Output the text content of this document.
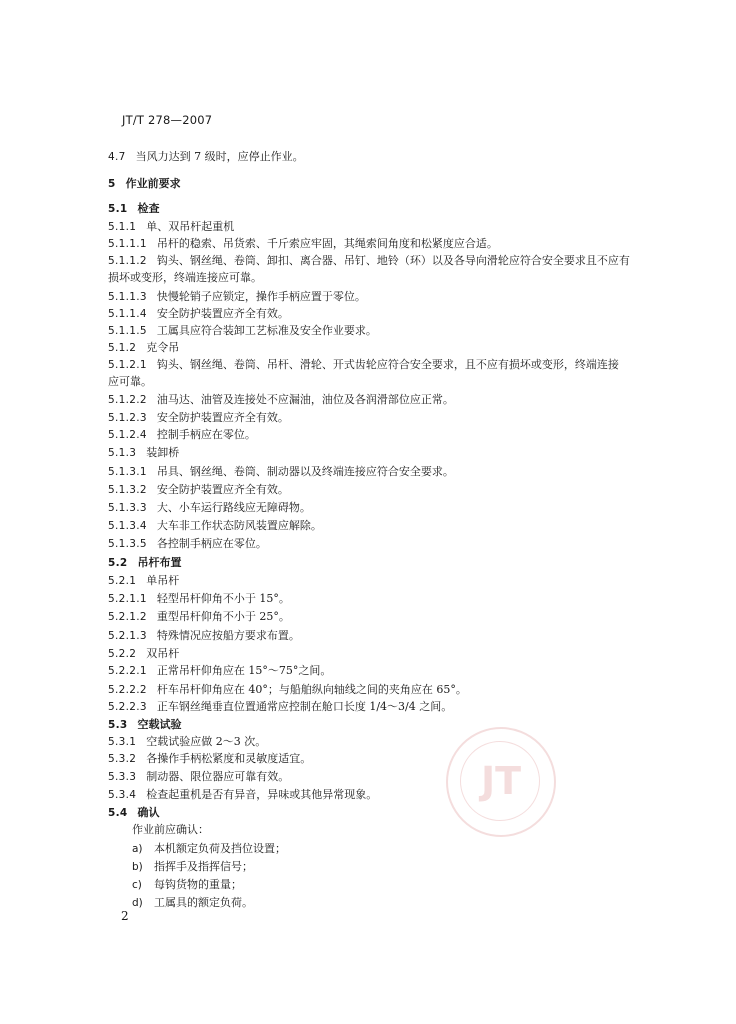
JT/T 278—2007
JT
4.7 当风力达到 7 级时，应停止作业。
5 作业前要求
5.1 检查
5.1.1 单、双吊杆起重机
5.1.1.1 吊杆的稳索、吊货索、千斤索应牢固，其绳索间角度和松紧度应合适。
5.1.1.2 钩头、钢丝绳、卷筒、卸扣、离合器、吊钉、地铃（环）以及各导向滑轮应符合安全要求且不应有
损坏或变形，终端连接应可靠。
5.1.1.3 快慢轮销子应锁定，操作手柄应置于零位。
5.1.1.4 安全防护装置应齐全有效。
5.1.1.5 工属具应符合装卸工艺标准及安全作业要求。
5.1.2 克令吊
5.1.2.1 钩头、钢丝绳、卷筒、吊杆、滑轮、开式齿轮应符合安全要求，且不应有损坏或变形，终端连接
应可靠。
5.1.2.2 油马达、油管及连接处不应漏油，油位及各润滑部位应正常。
5.1.2.3 安全防护装置应齐全有效。
5.1.2.4 控制手柄应在零位。
5.1.3 装卸桥
5.1.3.1 吊具、钢丝绳、卷筒、制动器以及终端连接应符合安全要求。
5.1.3.2 安全防护装置应齐全有效。
5.1.3.3 大、小车运行路线应无障碍物。
5.1.3.4 大车非工作状态防风装置应解除。
5.1.3.5 各控制手柄应在零位。
5.2 吊杆布置
5.2.1 单吊杆
5.2.1.1 轻型吊杆仰角不小于 15°。
5.2.1.2 重型吊杆仰角不小于 25°。
5.2.1.3 特殊情况应按船方要求布置。
5.2.2 双吊杆
5.2.2.1 正常吊杆仰角应在 15°～75°之间。
5.2.2.2 杆车吊杆仰角应在 40°；与船舶纵向轴线之间的夹角应在 65°。
5.2.2.3 正车钢丝绳垂直位置通常应控制在舱口长度 1/4～3/4 之间。
5.3 空载试验
5.3.1 空载试验应做 2～3 次。
5.3.2 各操作手柄松紧度和灵敏度适宜。
5.3.3 制动器、限位器应可靠有效。
5.3.4 检查起重机是否有异音，异味或其他异常现象。
5.4 确认
作业前应确认：
a) 本机额定负荷及挡位设置；
b) 指挥手及指挥信号；
c) 每钩货物的重量；
d) 工属具的额定负荷。
2
